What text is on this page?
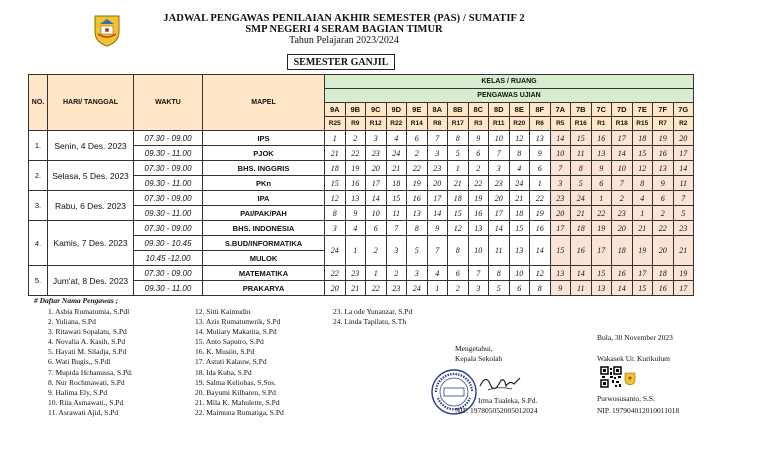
JADWAL PENGAWAS PENILAIAN AKHIR SEMESTER (PAS) / SUMATIF 2
SMP NEGERI 4 SERAM BAGIAN TIMUR
Tahun Pelajaran 2023/2024
SEMESTER GANJIL
NO.	HARI/ TANGGAL	WAKTU	MAPEL	KELAS / RUANG																	
				PENGAWAS UJIAN																	
				9A	9B	9C	9D	9E	8A	8B	8C	8D	8E	8F	7A	7B	7C	7D	7E	7F	7G
				R25	R9	R12	R22	R14	R8	R17	R3	R11	R20	R6	R5	R16	R1	R18	R15	R7	R2
1.	Senin, 4 Des. 2023	07.30 - 09.00	IPS	1	2	3	4	6	7	8	9	10	12	13	14	15	16	17	18	19	20
		09.30 - 11.00	PJOK	21	22	23	24	2	3	5	6	7	8	9	10	11	13	14	15	16	17
2.	Selasa, 5 Des. 2023	07.30 - 09.00	BHS. INGGRIS	18	19	20	21	22	23	1	2	3	4	6	7	8	9	10	12	13	14
		09.30 - 11.00	PKn	15	16	17	18	19	20	21	22	23	24	1	3	5	6	7	8	9	11
3.	Rabu, 6 Des. 2023	07.30 - 09.00	IPA	12	13	14	15	16	17	18	19	20	21	22	23	24	1	2	4	6	7
		09.30 - 11.00	PAI/PAK/PAH	8	9	10	11	13	14	15	16	17	18	19	20	21	22	23	1	2	5
4.	Kamis, 7 Des. 2023	07.30 - 09.00	BHS. INDONESIA	3	4	6	7	8	9	12	13	14	15	16	17	18	19	20	21	22	23
		09.30 - 10.45	S.BUD/INFORMATIKA	24	1	2	3	5	7	8	10	11	13	14	15	16	17	18	19	20	21
		10.45 -12.00	MULOK																		
5.	Jum'at, 8 Des. 2023	07.30 - 09.00	MATEMATIKA	22	23	1	2	3	4	6	7	8	10	12	13	14	15	16	17	18	19
		09.30 - 11.00	PRAKARYA	20	21	22	23	24	1	2	3	5	6	8	9	11	13	14	15	16	17
# Daftar Nama Pengawas ;
1. Asbia Rumatumia, S.Pdl
2. Yuliana, S.Pd
3. Ritawati Sopalatu, S.Pd
4. Novalia A. Kasih, S.Pd
5. Hayati M. Siladja, S.Pd
6. Wati Bugis,, S.Pdl
7. Mupida Hchanussa, S.Pd.
8. Nur Rochmawati, S.Pd
9. Halima Ely, S.Pd
10. Rita Asmawati., S.Pd
11. Asrawati Ajid, S.Pd
12. Sitti Kaimudin
13. Azis Rumatumerik, S.Pd
14. Muliary Makatita, S.Pd
15. Anto Saputro, S.Pd
16. K. Musiin, S.Pd
17. Astuti Kalauw, S.Pd
18. Ida Kuba, S.Pd
19. Salma Keliobas, S.Sos.
20. Bayumi Kilbaren, S.Pd
21. Mila K. Mahulette, S.Pd
22. Maimuna Rumatiga, S.Pd
23. La ode Yunanzar, S.Pd
24. Linda Tapilatu, S.Th
Mengetahui,
Kepala Sekolah
Irma Tualeka, S.Pd.
NIP. 197805052005012024
Bula, 30 November 2023
Wakasek Ur. Kurikulum
Purwosusanto, S.S.
NIP. 197904012010011018
